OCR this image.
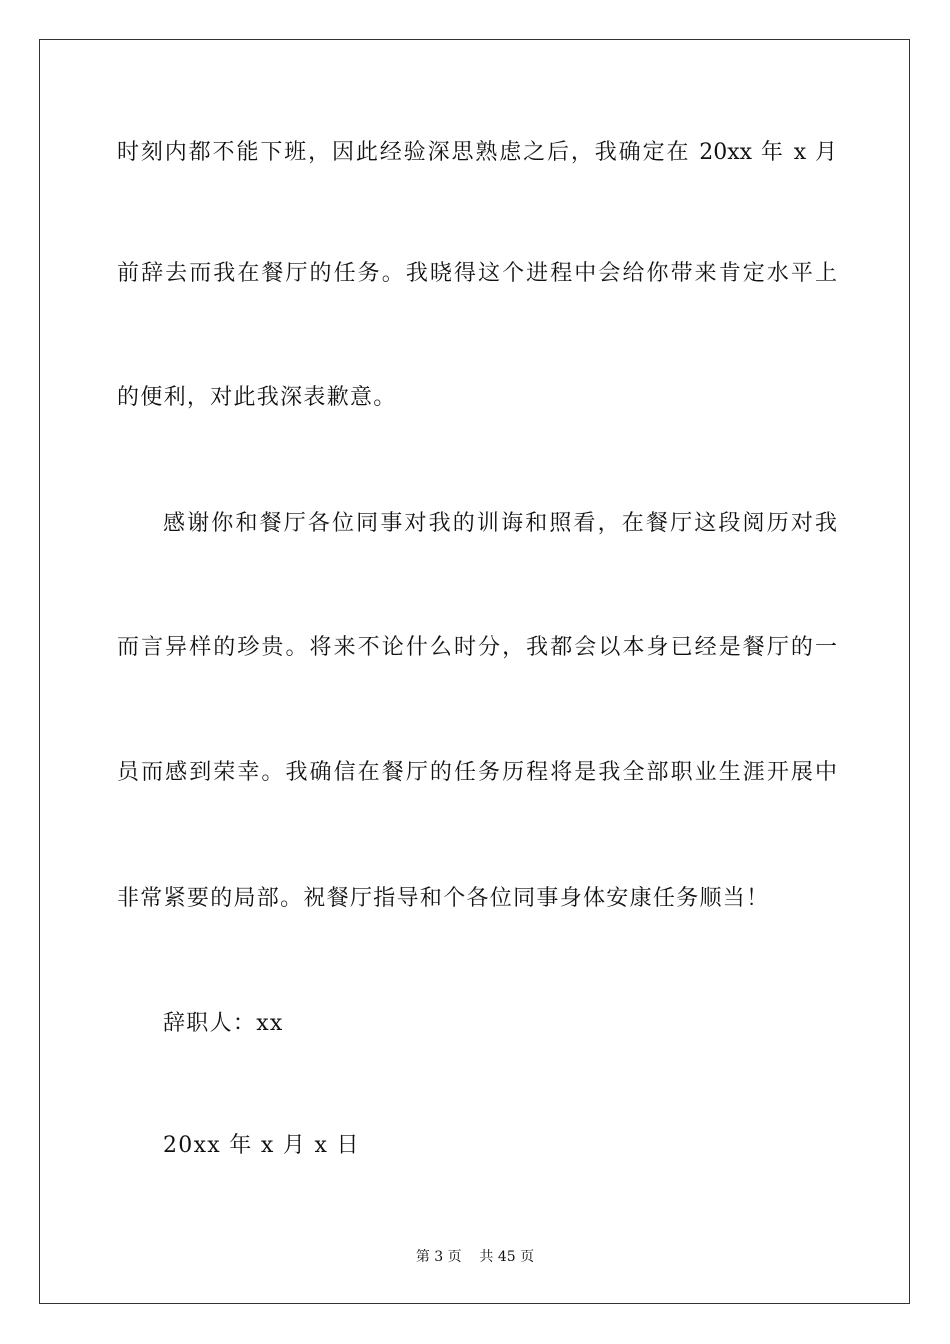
时刻内都不能下班，因此经验深思熟虑之后，我确定在 20xx 年 x 月
前辞去而我在餐厅的任务。我晓得这个进程中会给你带来肯定水平上
的便利，对此我深表歉意。
感谢你和餐厅各位同事对我的训诲和照看，在餐厅这段阅历对我
而言异样的珍贵。将来不论什么时分，我都会以本身已经是餐厅的一
员而感到荣幸。我确信在餐厅的任务历程将是我全部职业生涯开展中
非常紧要的局部。祝餐厅指导和个各位同事身体安康任务顺当！
辞职人：xx
20xx 年 x 月 x 日
第 3 页    共 45 页
